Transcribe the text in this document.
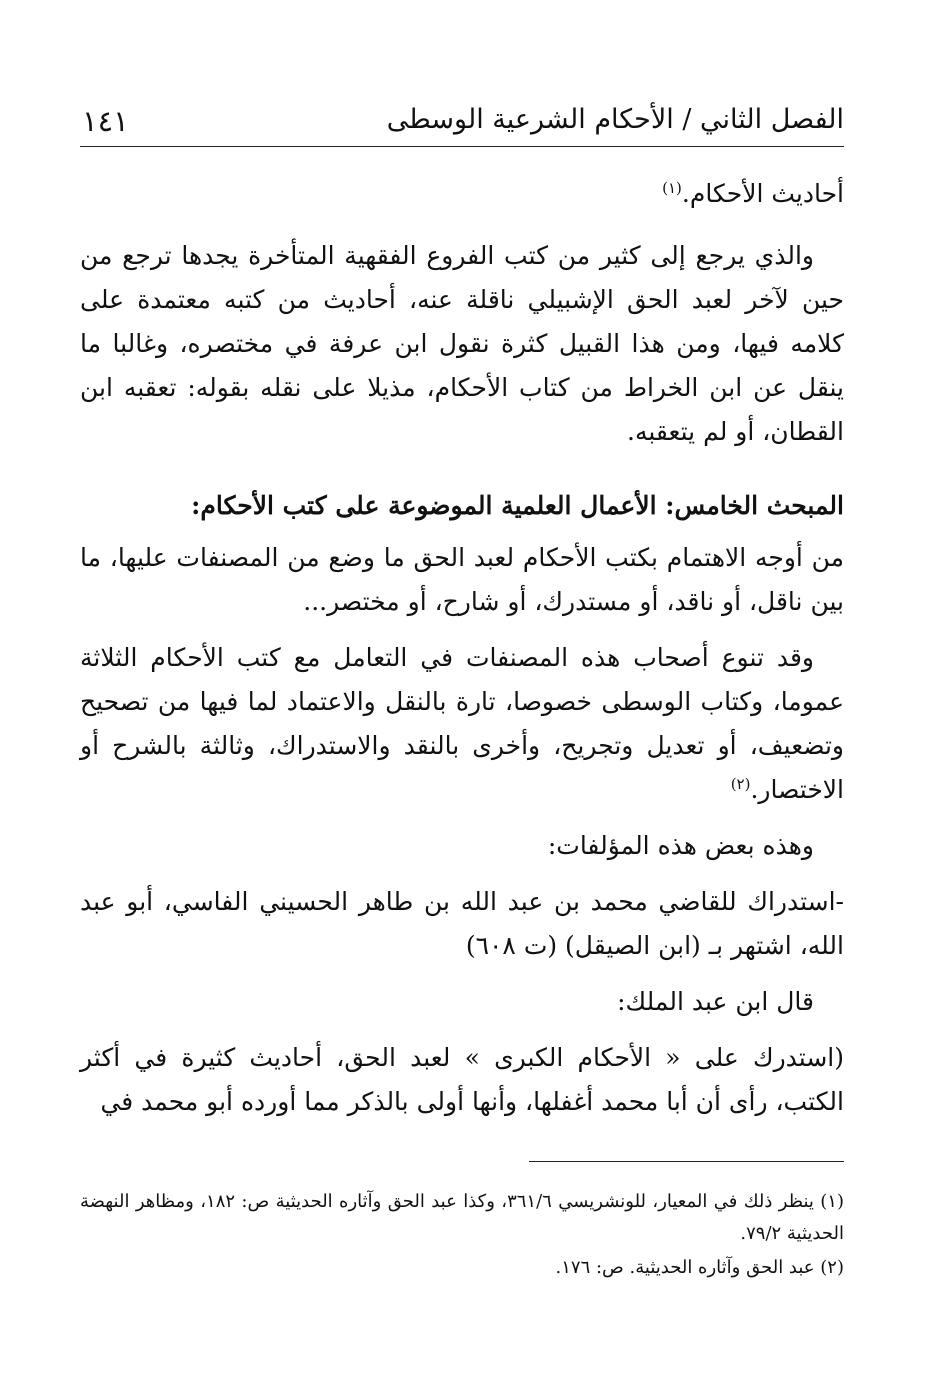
الفصل الثاني / الأحكام الشرعية الوسطى
١٤١

أحاديث الأحكام.$^{(١)}$

والذي يرجع إلى كثير من كتب الفروع الفقهية المتأخرة يجدها ترجع من حين لآخر لعبد الحق الإشبيلي ناقلة عنه، أحاديث من كتبه معتمدة على كلامه فيها، ومن هذا القبيل كثرة نقول ابن عرفة في مختصره، وغالبا ما ينقل عن ابن الخراط من كتاب الأحكام، مذيلا على نقله بقوله: تعقبه ابن القطان، أو لم يتعقبه.

المبحث الخامس: الأعمال العلمية الموضوعة على كتب الأحكام:

من أوجه الاهتمام بكتب الأحكام لعبد الحق ما وضع من المصنفات عليها، ما بين ناقل، أو ناقد، أو مستدرك، أو شارح، أو مختصر...

وقد تنوع أصحاب هذه المصنفات في التعامل مع كتب الأحكام الثلاثة عموما، وكتاب الوسطى خصوصا، تارة بالنقل والاعتماد لما فيها من تصحيح وتضعيف، أو تعديل وتجريح، وأخرى بالنقد والاستدراك، وثالثة بالشرح أو الاختصار.$^{(٢)}$

وهذه بعض هذه المؤلفات:

-استدراك للقاضي محمد بن عبد الله بن طاهر الحسيني الفاسي، أبو عبد الله، اشتهر بـ (ابن الصيقل) (ت ٦٠٨)

قال ابن عبد الملك:

(استدرك على « الأحكام الكبرى » لعبد الحق، أحاديث كثيرة في أكثر الكتب، رأى أن أبا محمد أغفلها، وأنها أولى بالذكر مما أورده أبو محمد في

(١) ينظر ذلك في المعيار، للونشريسي ٣٦١/٦، وكذا عبد الحق وآثاره الحديثية ص: ١٨٢، ومظاهر النهضة الحديثية ٧٩/٢.

(٢) عبد الحق وآثاره الحديثية. ص: ١٧٦.
